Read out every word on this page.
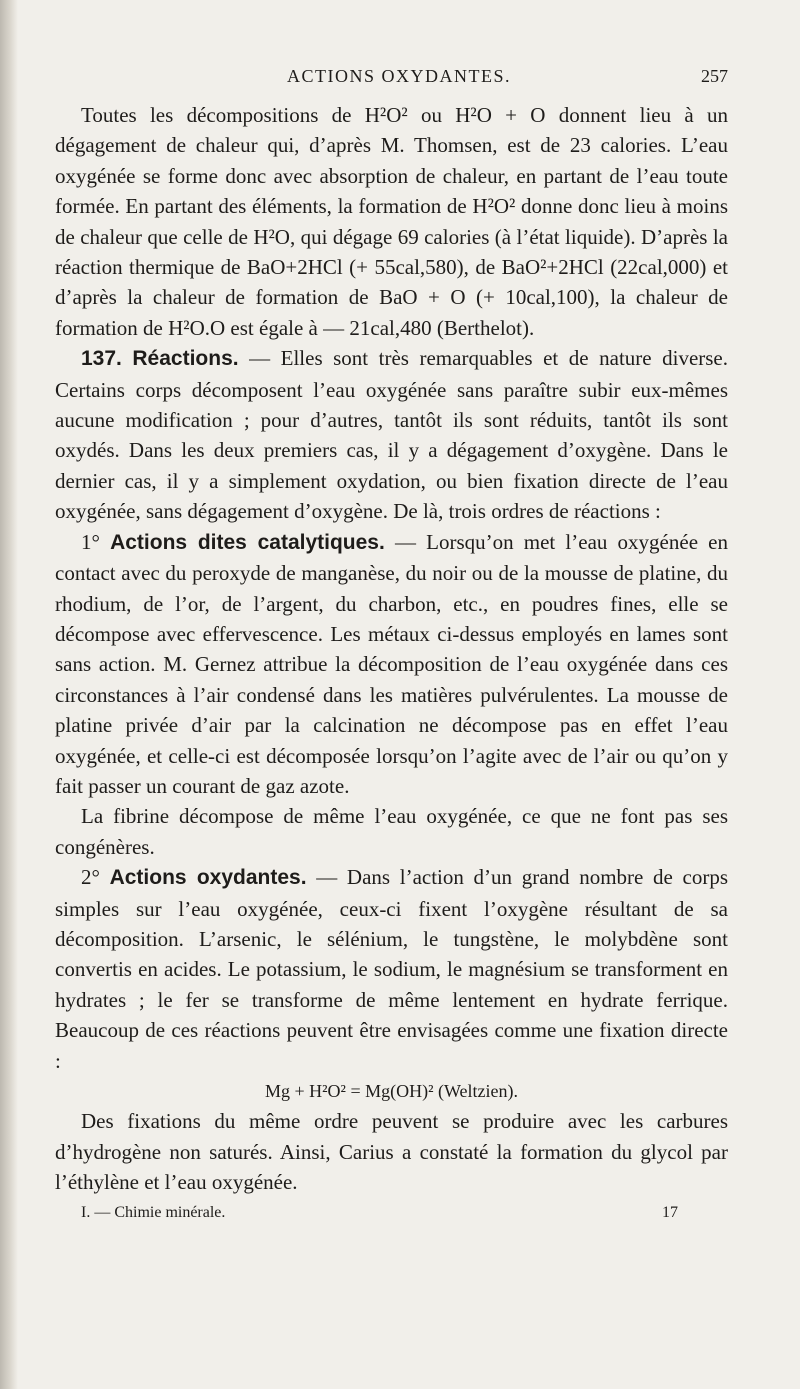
ACTIONS OXYDANTES.	257

Toutes les décompositions de H²O² ou H²O + O donnent lieu à un dégagement de chaleur qui, d’après M. Thomsen, est de 23 calories. L’eau oxygénée se forme donc avec absorption de chaleur, en partant de l’eau toute formée. En partant des éléments, la formation de H²O² donne donc lieu à moins de chaleur que celle de H²O, qui dégage 69 calories (à l’état liquide). D’après la réaction thermique de BaO+2HCl (+ 55cal,580), de BaO²+2HCl (22cal,000) et d’après la chaleur de formation de BaO + O (+ 10cal,100), la chaleur de formation de H²O.O est égale à — 21cal,480 (Berthelot).

137. Réactions. — Elles sont très remarquables et de nature diverse. Certains corps décomposent l’eau oxygénée sans paraître subir eux-mêmes aucune modification ; pour d’autres, tantôt ils sont réduits, tantôt ils sont oxydés. Dans les deux premiers cas, il y a dégagement d’oxygène. Dans le dernier cas, il y a simplement oxydation, ou bien fixation directe de l’eau oxygénée, sans dégagement d’oxygène. De là, trois ordres de réactions :

1° Actions dites catalytiques. — Lorsqu’on met l’eau oxygénée en contact avec du peroxyde de manganèse, du noir ou de la mousse de platine, du rhodium, de l’or, de l’argent, du charbon, etc., en poudres fines, elle se décompose avec effervescence. Les métaux ci-dessus employés en lames sont sans action. M. Gernez attribue la décomposition de l’eau oxygénée dans ces circonstances à l’air condensé dans les matières pulvérulentes. La mousse de platine privée d’air par la calcination ne décompose pas en effet l’eau oxygénée, et celle-ci est décomposée lorsqu’on l’agite avec de l’air ou qu’on y fait passer un courant de gaz azote.

La fibrine décompose de même l’eau oxygénée, ce que ne font pas ses congénères.

2° Actions oxydantes. — Dans l’action d’un grand nombre de corps simples sur l’eau oxygénée, ceux-ci fixent l’oxygène résultant de sa décomposition. L’arsenic, le sélénium, le tungstène, le molybdène sont convertis en acides. Le potassium, le sodium, le magnésium se transforment en hydrates ; le fer se transforme de même lentement en hydrate ferrique. Beaucoup de ces réactions peuvent être envisagées comme une fixation directe :

Mg + H²O² = Mg(OH)² (Weltzien).

Des fixations du même ordre peuvent se produire avec les carbures d’hydrogène non saturés. Ainsi, Carius a constaté la formation du glycol par l’éthylène et l’eau oxygénée.

I. — Chimie minérale.	17
